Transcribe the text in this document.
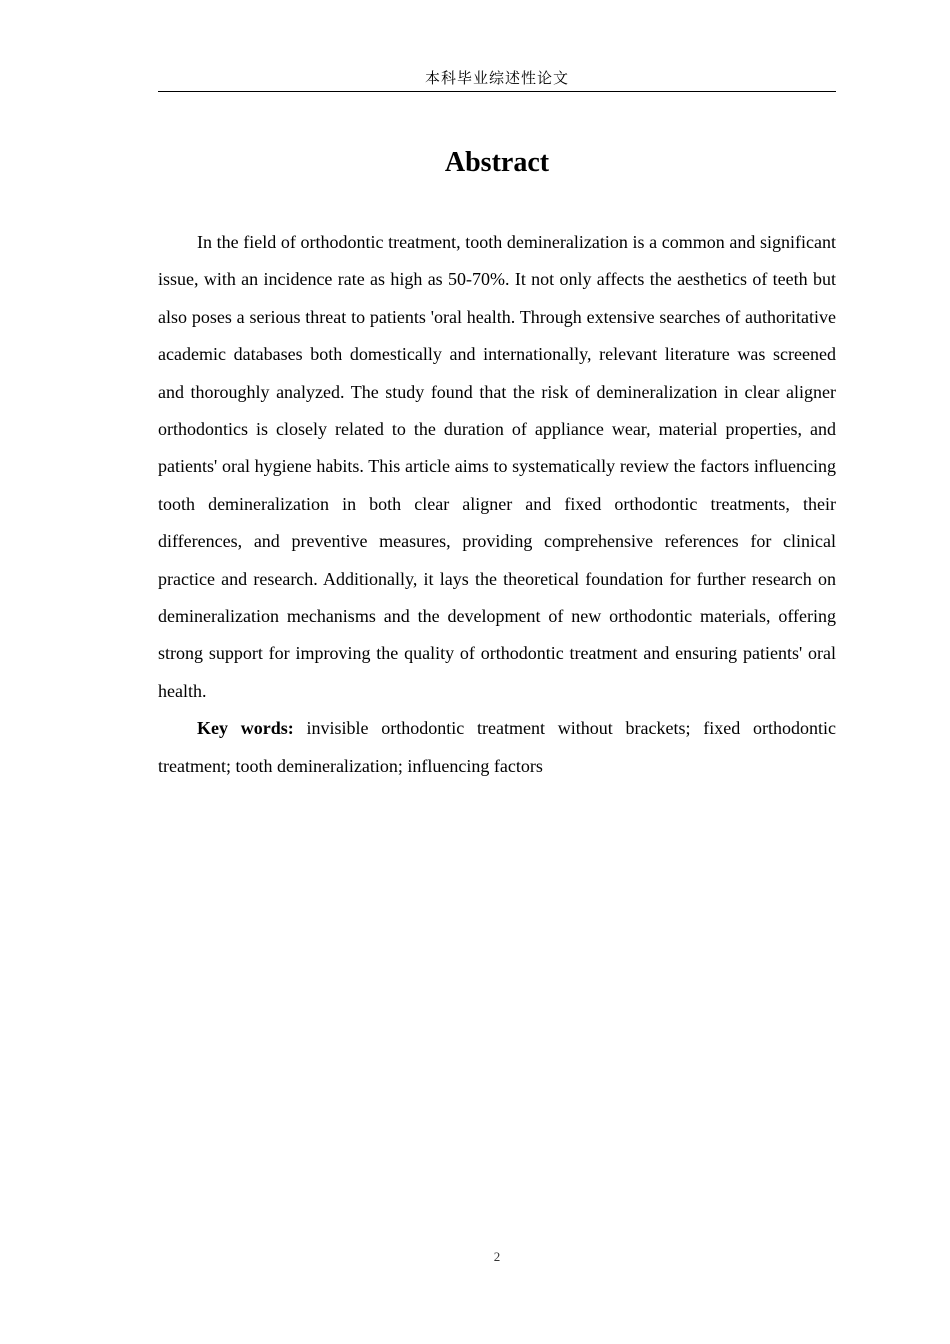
本科毕业综述性论文
Abstract

In the field of orthodontic treatment, tooth demineralization is a common and significant issue, with an incidence rate as high as 50-70%. It not only affects the aesthetics of teeth but also poses a serious threat to patients 'oral health. Through extensive searches of authoritative academic databases both domestically and internationally, relevant literature was screened and thoroughly analyzed. The study found that the risk of demineralization in clear aligner orthodontics is closely related to the duration of appliance wear, material properties, and patients' oral hygiene habits. This article aims to systematically review the factors influencing tooth demineralization in both clear aligner and fixed orthodontic treatments, their differences, and preventive measures, providing comprehensive references for clinical practice and research. Additionally, it lays the theoretical foundation for further research on demineralization mechanisms and the development of new orthodontic materials, offering strong support for improving the quality of orthodontic treatment and ensuring patients' oral health.

Key words: invisible orthodontic treatment without brackets; fixed orthodontic treatment; tooth demineralization; influencing factors

2
